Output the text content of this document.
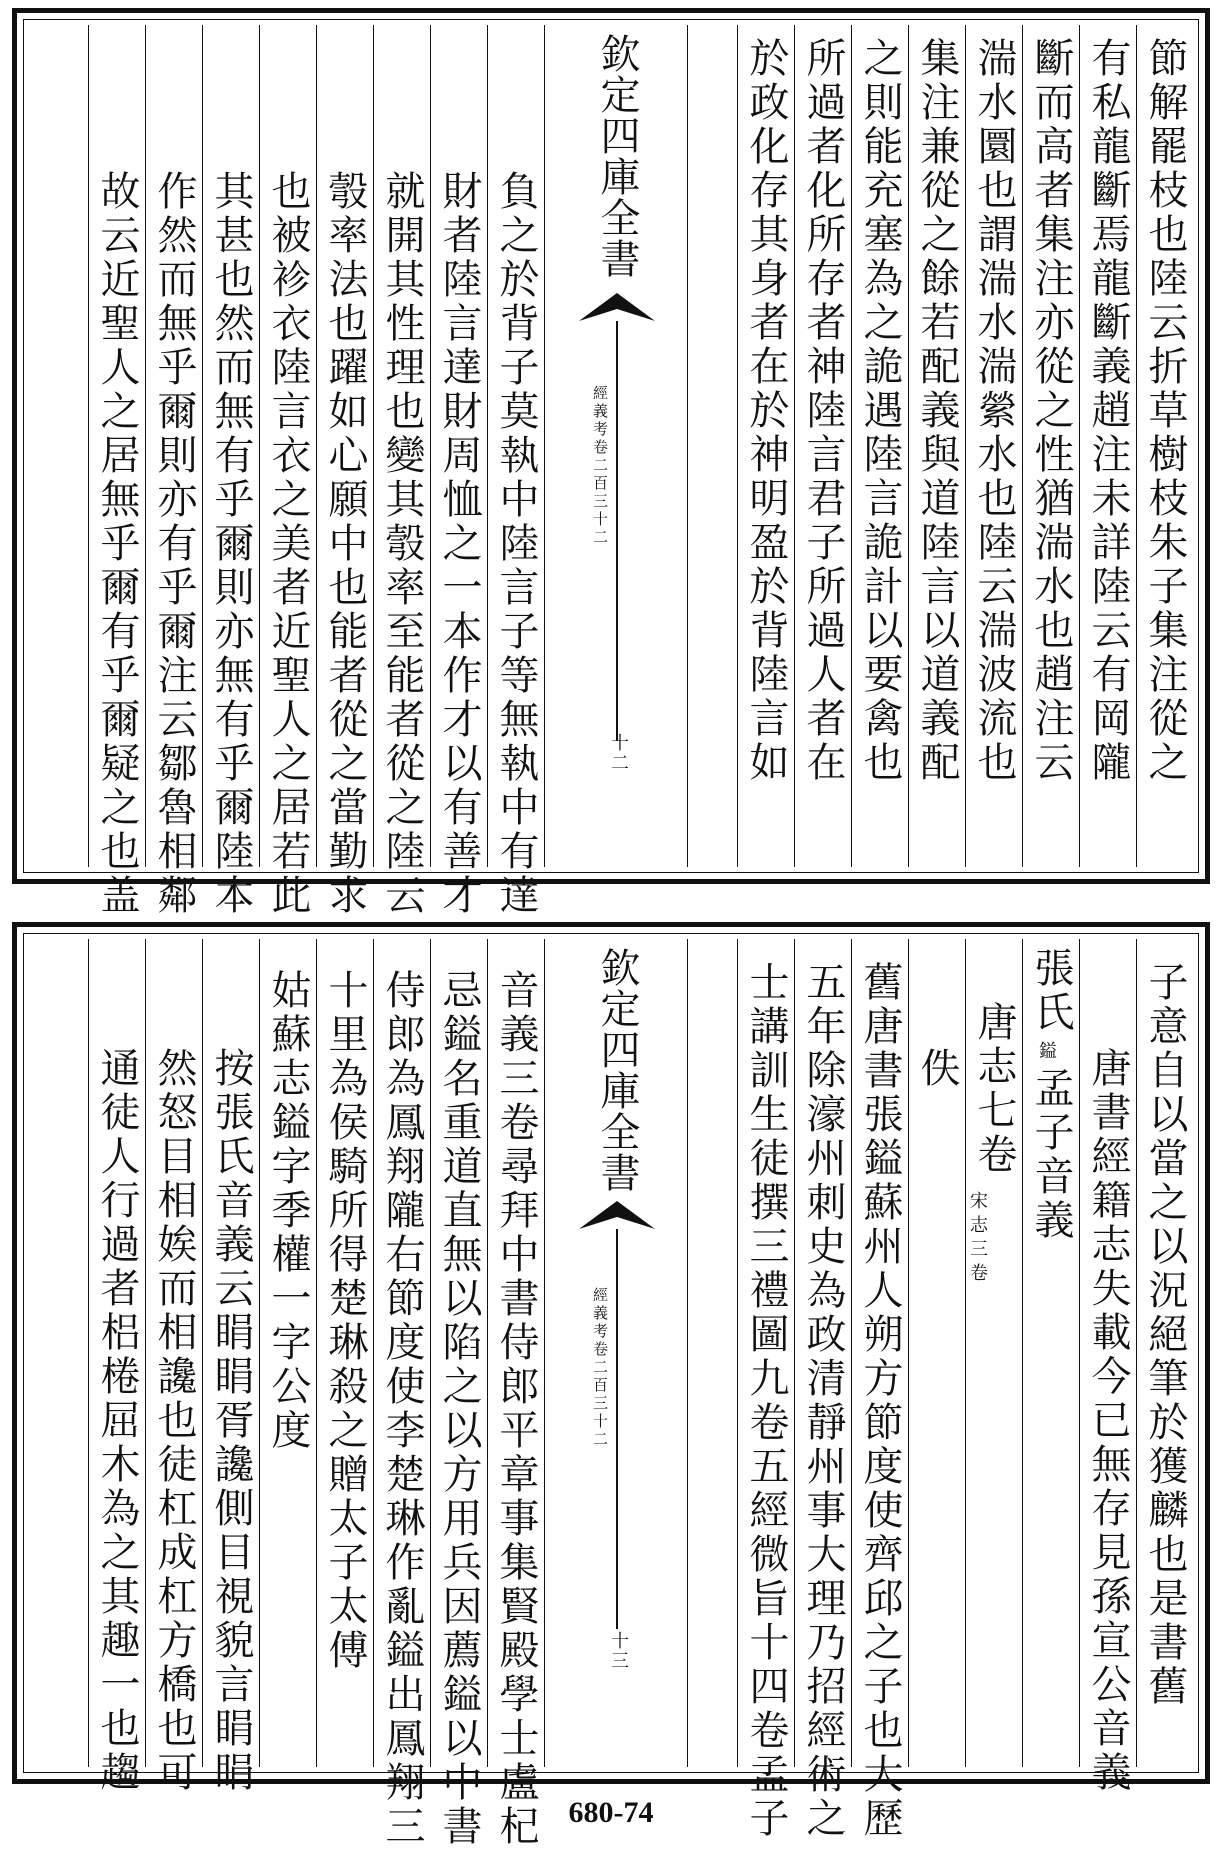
節解罷枝也陸云折草樹枝朱子集注從之
有私龍斷焉龍斷義趙注未詳陸云有岡隴
斷而高者集注亦從之性猶湍水也趙注云
湍水圜也謂湍水湍縈水也陸云湍波流也
集注兼從之餘若配義與道陸言以道義配
之則能充塞為之詭遇陸言詭計以要禽也
所過者化所存者神陸言君子所過人者在
於政化存其身者在於神明盈於背陸言如
欽定四庫全書
經義考卷二百三十二
十二
負之於背子莫執中陸言子等無執中有達
財者陸言達財周恤之一本作才以有善才
就開其性理也變其彀率至能者從之陸云
彀率法也躍如心願中也能者從之當勤求
也被袗衣陸言衣之美者近聖人之居若此
其甚也然而無有乎爾則亦無有乎爾陸本
作然而無乎爾則亦有乎爾注云鄒魯相鄰
故云近聖人之居無乎爾有乎爾疑之也盖
子意自以當之以況絕筆於獲麟也是書舊
唐書經籍志失載今已無存見孫宣公音義
張氏
鎰
孟子音義
唐志七卷
宋志三卷
佚
舊唐書張鎰蘇州人朔方節度使齊邱之子也大歷
五年除濠州刺史為政清靜州事大理乃招經術之
士講訓生徒撰三禮圖九卷五經微旨十四卷孟子
欽定四庫全書
經義考卷二百三十二
十三
音義三卷尋拜中書侍郎平章事集賢殿學士盧杞
忌鎰名重道直無以陷之以方用兵因薦鎰以中書
侍郎為鳳翔隴右節度使李楚琳作亂鎰出鳳翔三
十里為侯騎所得楚琳殺之贈太子太傅
姑蘇志鎰字季權一字公度
按張氏音義云睊睊胥讒側目視貌言睊睊
然怒目相娭而相讒也徒杠成杠方橋也可
通徒人行過者梠棬屈木為之其趣一也趨
680-74
